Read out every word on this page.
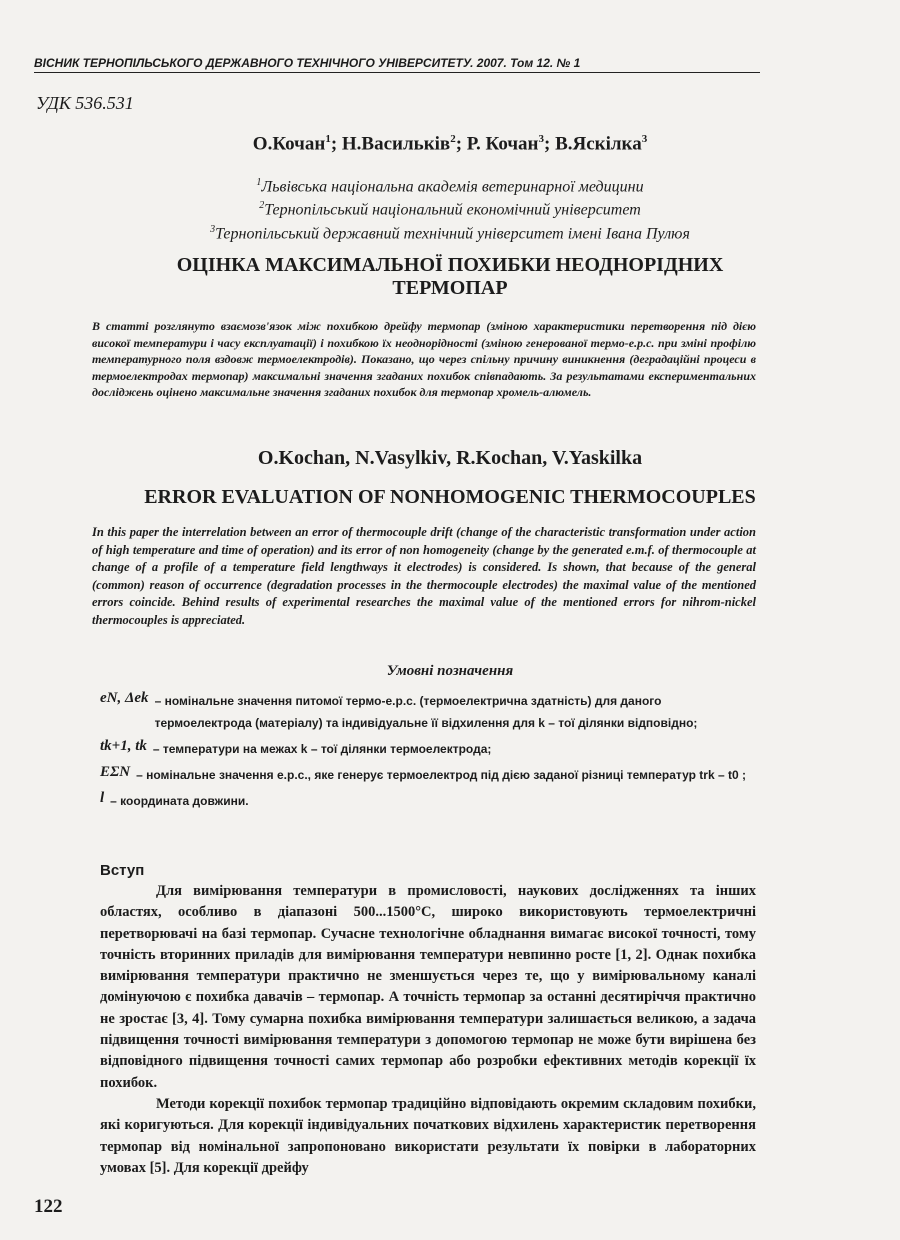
ВІСНИК ТЕРНОПІЛЬСЬКОГО ДЕРЖАВНОГО ТЕХНІЧНОГО УНІВЕРСИТЕТУ. 2007. Том 12. № 1
УДК 536.531
О.Кочан$^1$; Н.Васильків$^2$; Р. Кочан$^3$; В.Яскілка$^3$
$^1$Львівська національна академія ветеринарної медицини
$^2$Тернопільський національний економічний університет
$^3$Тернопільський державний технічний університет імені Івана Пулюя
ОЦІНКА МАКСИМАЛЬНОЇ ПОХИБКИ НЕОДНОРІДНИХ
ТЕРМОПАР
В статті розглянуто взаємозв'язок між похибкою дрейфу термопар (зміною характеристики перетворення під дією високої температури і часу експлуатації) і похибкою їх неоднорідності (зміною генерованої термо-е.р.с. при зміні профілю температурного поля вздовж термоелектродів). Показано, що через спільну причину виникнення (деградаційні процеси в термоелектродах термопар) максимальні значення згаданих похибок співпадають. За результатами експериментальних досліджень оцінено максимальне значення згаданих похибок для термопар хромель-алюмель.
O.Kochan, N.Vasylkiv, R.Kochan, V.Yaskilka
ERROR EVALUATION OF NONHOMOGENIC THERMOCOUPLES
In this paper the interrelation between an error of thermocouple drift (change of the characteristic transformation under action of high temperature and time of operation) and its error of non homogeneity (change by the generated e.m.f. of thermocouple at change of a profile of a temperature field lengthways it electrodes) is considered. Is shown, that because of the general (common) reason of occurrence (degradation processes in the thermocouple electrodes) the maximal value of the mentioned errors coincide. Behind results of experimental researches the maximal value of the mentioned errors for nihrom-nickel thermocouples is appreciated.
Умовні позначення
eN, Δek – номінальне значення питомої термо-е.р.с. (термоелектрична здатність) для даного термоелектрода (матеріалу) та індивідуальне її відхилення для k – тої ділянки відповідно;
tk+1, tk – температури на межах k – тої ділянки термоелектрода;
EΣN – номінальне значення е.р.с., яке генерує термоелектрод під дією заданої різниці температур trk – t0 ;
l – координата довжини.
Вступ

Для вимірювання температури в промисловості, наукових дослідженнях та інших областях, особливо в діапазоні 500...1500°С, широко використовують термоелектричні перетворювачі на базі термопар. Сучасне технологічне обладнання вимагає високої точності, тому точність вторинних приладів для вимірювання температури невпинно росте [1, 2]. Однак похибка вимірювання температури практично не зменшується через те, що у вимірювальному каналі домінуючою є похибка давачів – термопар. А точність термопар за останні десятиріччя практично не зростає [3, 4]. Тому сумарна похибка вимірювання температури залишається великою, а задача підвищення точності вимірювання температури з допомогою термопар не може бути вирішена без відповідного підвищення точності самих термопар або розробки ефективних методів корекції їх похибок.

Методи корекції похибок термопар традиційно відповідають окремим складовим похибки, які коригуються. Для корекції індивідуальних початкових відхилень характеристик перетворення термопар від номінальної запропоновано використати результати їх повірки в лабораторних умовах [5]. Для корекції дрейфу

122
